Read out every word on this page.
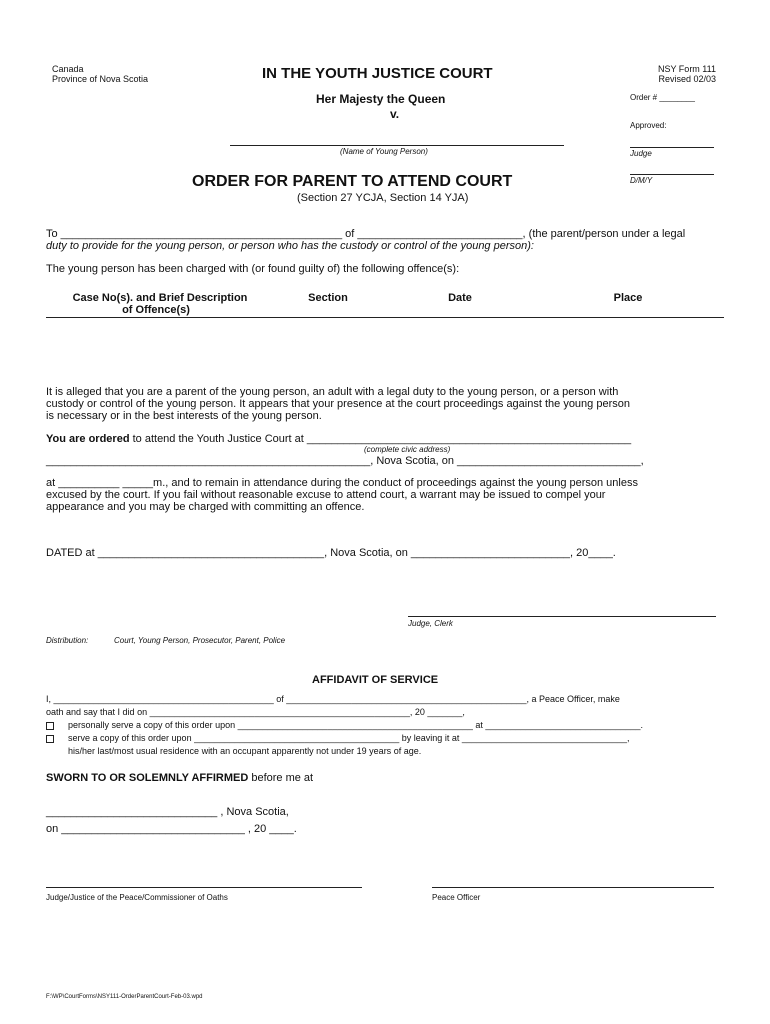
Canada
Province of Nova Scotia	IN THE YOUTH JUSTICE COURT	NSY Form 111
Revised 02/03
Her Majesty the Queen
v.
Order # ________
Approved:
Judge
D/M/Y
(Name of Young Person)
ORDER FOR PARENT TO ATTEND COURT
(Section 27 YCJA, Section 14 YJA)
To ______________________________________________ of ___________________________, (the parent/person under a legal
duty to provide for the young person, or person who has the custody or control of the young person):
The young person has been charged with (or found guilty of) the following offence(s):
Case No(s). and Brief Description
of Offence(s)
Section	Date	Place
It is alleged that you are a parent of the young person, an adult with a legal duty to the young person, or a person with
custody or control of the young person. It appears that your presence at the court proceedings against the young person
is necessary or in the best interests of the young person.
You are ordered to attend the Youth Justice Court at _____________________________________________________
(complete civic address)
_____________________________________________________, Nova Scotia, on ______________________________,
at __________ _____m., and to remain in attendance during the conduct of proceedings against the young person unless
excused by the court. If you fail without reasonable excuse to attend court, a warrant may be issued to compel your
appearance and you may be charged with committing an offence.
DATED at _____________________________________, Nova Scotia, on __________________________, 20____.
Judge, Clerk
Distribution:	Court, Young Person, Prosecutor, Parent, Police
AFFIDAVIT OF SERVICE
I, ____________________________________________ of ________________________________________________, a Peace Officer, make
oath and say that I did on ____________________________________________________, 20 _______,
personally serve a copy of this order upon _______________________________________________ at _______________________________.
serve a copy of this order upon _________________________________________ by leaving it at _________________________________,
his/her last/most usual residence with an occupant apparently not under 19 years of age.
SWORN TO OR SOLEMNLY AFFIRMED before me at
____________________________ , Nova Scotia,
on ______________________________ , 20 ____.
Judge/Justice of the Peace/Commissioner of Oaths	Peace Officer
F:\WP\CourtForms\NSY111-OrderParentCourt-Feb-03.wpd
